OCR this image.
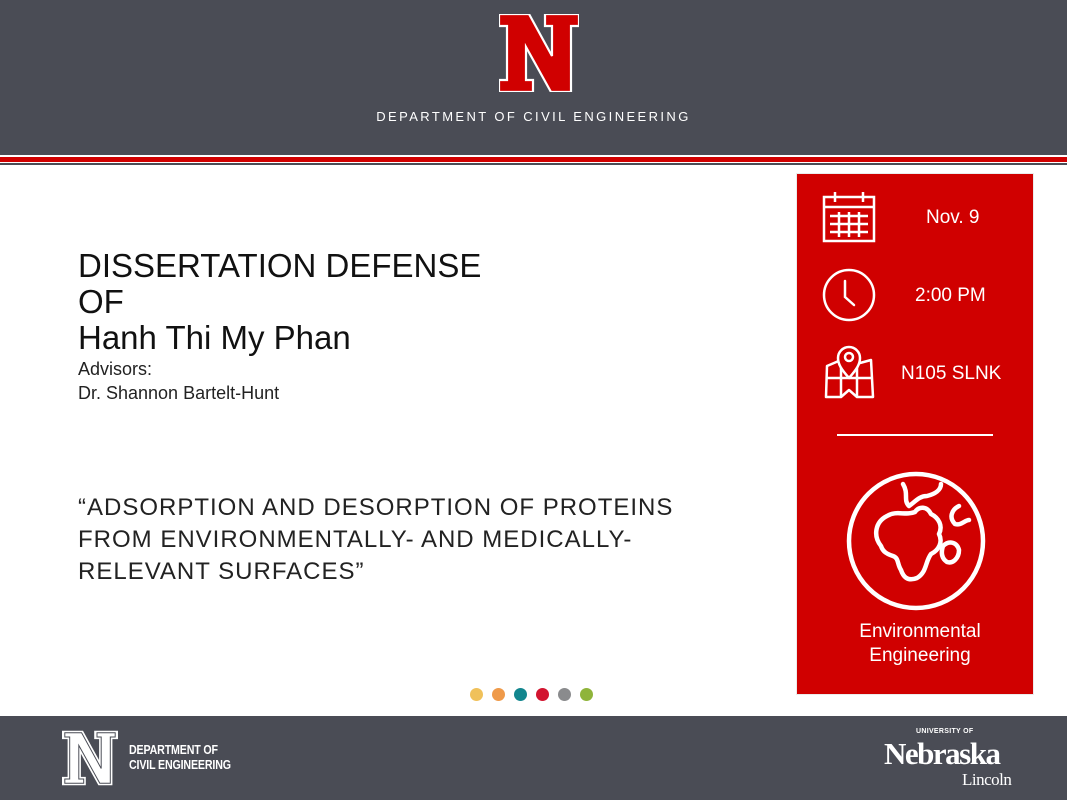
DEPARTMENT OF CIVIL ENGINEERING
DISSERTATION DEFENSE
OF
Hanh Thi My Phan
Advisors:
Dr. Shannon Bartelt-Hunt
“ADSORPTION AND DESORPTION OF PROTEINS
FROM ENVIRONMENTALLY- AND MEDICALLY-
RELEVANT SURFACES”
Nov. 9
2:00 PM
N105 SLNK
Environmental
Engineering
DEPARTMENT OF
CIVIL ENGINEERING
UNIVERSITY OF
Nebraska
Lincoln
